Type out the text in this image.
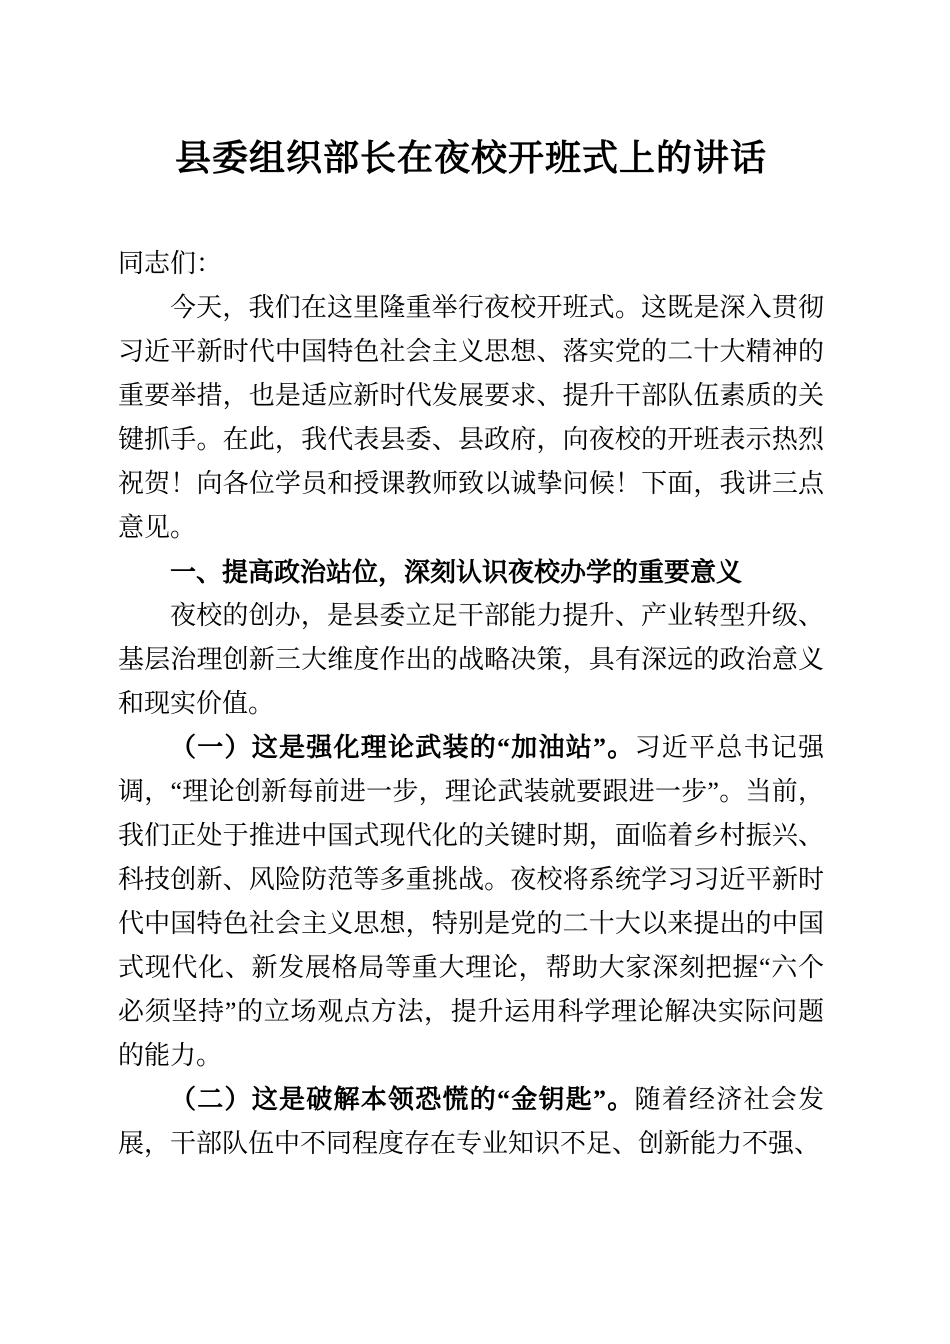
县委组织部长在夜校开班式上的讲话

同志们：

今天，我们在这里隆重举行夜校开班式。这既是深入贯彻习近平新时代中国特色社会主义思想、落实党的二十大精神的重要举措，也是适应新时代发展要求、提升干部队伍素质的关键抓手。在此，我代表县委、县政府，向夜校的开班表示热烈祝贺！向各位学员和授课教师致以诚挚问候！下面，我讲三点意见。

一、提高政治站位，深刻认识夜校办学的重要意义

夜校的创办，是县委立足干部能力提升、产业转型升级、基层治理创新三大维度作出的战略决策，具有深远的政治意义和现实价值。

（一）这是强化理论武装的“加油站”。习近平总书记强调，“理论创新每前进一步，理论武装就要跟进一步”。当前，我们正处于推进中国式现代化的关键时期，面临着乡村振兴、科技创新、风险防范等多重挑战。夜校将系统学习习近平新时代中国特色社会主义思想，特别是党的二十大以来提出的中国式现代化、新发展格局等重大理论，帮助大家深刻把握“六个必须坚持”的立场观点方法，提升运用科学理论解决实际问题的能力。

（二）这是破解本领恐慌的“金钥匙”。随着经济社会发展，干部队伍中不同程度存在专业知识不足、创新能力不强、
